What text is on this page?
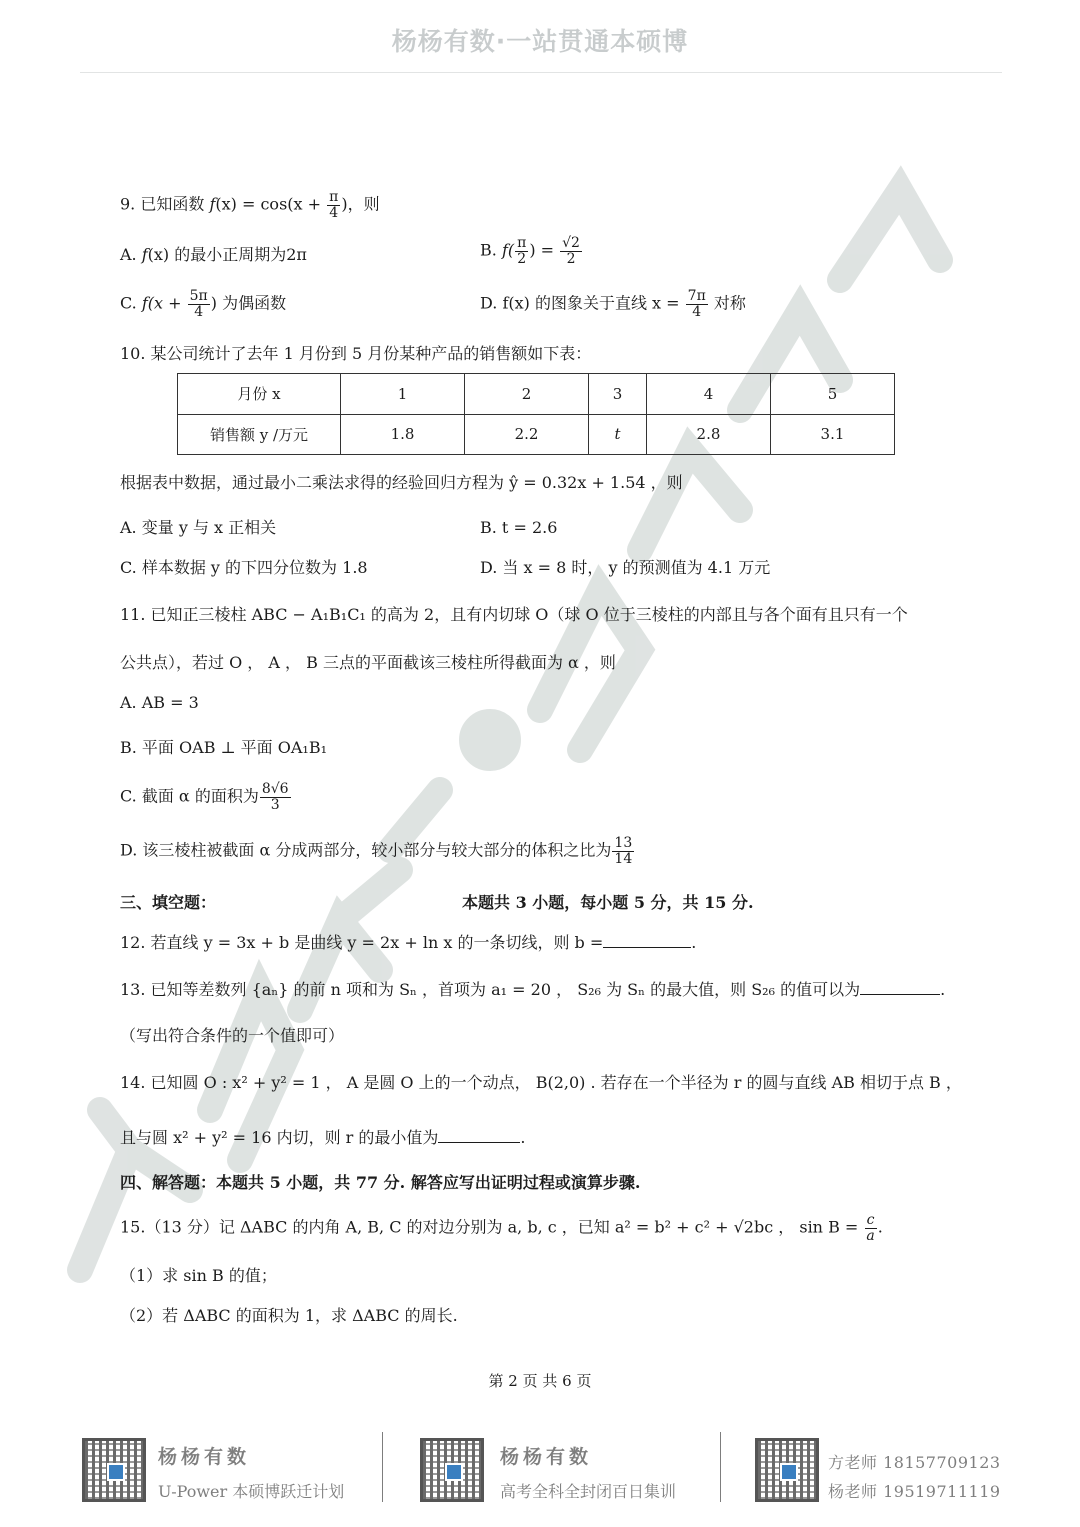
杨杨有数·一站贯通本硕博
9. 已知函数 $f(x) = \cos(x + \frac{\pi}{4}$ )，则
A. f(x) 的最小正周期为2π	B. $f( \frac{\pi}{2}$ ) = $\frac{√2}{2}$
C. $f(x + \frac{5\pi}{4}$ ) 为偶函数	D. f(x) 的图象关于直线 $x = \frac{7\pi}{4}$ 对称
10. 某公司统计了去年 1 月份到 5 月份某种产品的销售额如下表：
月份 x	1	2	3	4	5
销售额 y /万元	1.8	2.2	t	2.8	3.1
根据表中数据，通过最小二乘法求得的经验回归方程为 ŷ = 0.32x + 1.54 ，则
A. 变量 y 与 x 正相关	B. t = 2.6
C. 样本数据 y 的下四分位数为 1.8	D. 当 x = 8 时， y 的预测值为 4.1 万元
11. 已知正三棱柱 ABC − A₁B₁C₁ 的高为 2，且有内切球 O（球 O 位于三棱柱的内部且与各个面有且只有一个
公共点），若过 O ， A ， B 三点的平面截该三棱柱所得截面为 α ，则
A. AB = 3
B. 平面 OAB ⊥ 平面 OA₁B₁
C. 截面 α 的面积为 $\frac{8√6}{3}$
D. 该三棱柱被截面 α 分成两部分，较小部分与较大部分的体积之比为 $\frac{13}{14}$
三、填空题：	本题共 3 小题，每小题 5 分，共 15 分.
12. 若直线 y = 3x + b 是曲线 y = 2x + ln x 的一条切线，则 b =	.
13. 已知等差数列 {aₙ} 的前 n 项和为 Sₙ ，首项为 a₁ = 20 ， S₂₆ 为 Sₙ 的最大值，则 S₂₆ 的值可以为	.
（写出符合条件的一个值即可）
14. 已知圆 O : x² + y² = 1 ， A 是圆 O 上的一个动点， B(2,0) . 若存在一个半径为 r 的圆与直线 AB 相切于点 B ，
且与圆 x² + y² = 16 内切，则 r 的最小值为	.
四、解答题：本题共 5 小题，共 77 分. 解答应写出证明过程或演算步骤.
15.（13 分）记 ΔABC 的内角 A, B, C 的对边分别为 a, b, c ，已知 a² = b² + c² + √2bc ， $\sin B = \frac{c}{a}$ .
（1）求 sin B 的值；
（2）若 ΔABC 的面积为 1，求 ΔABC 的周长.
第 2 页 共 6 页
杨杨有数
U-Power 本硕博跃迁计划
杨杨有数
高考全科全封闭百日集训
方老师 18157709123
杨老师 19519711119
